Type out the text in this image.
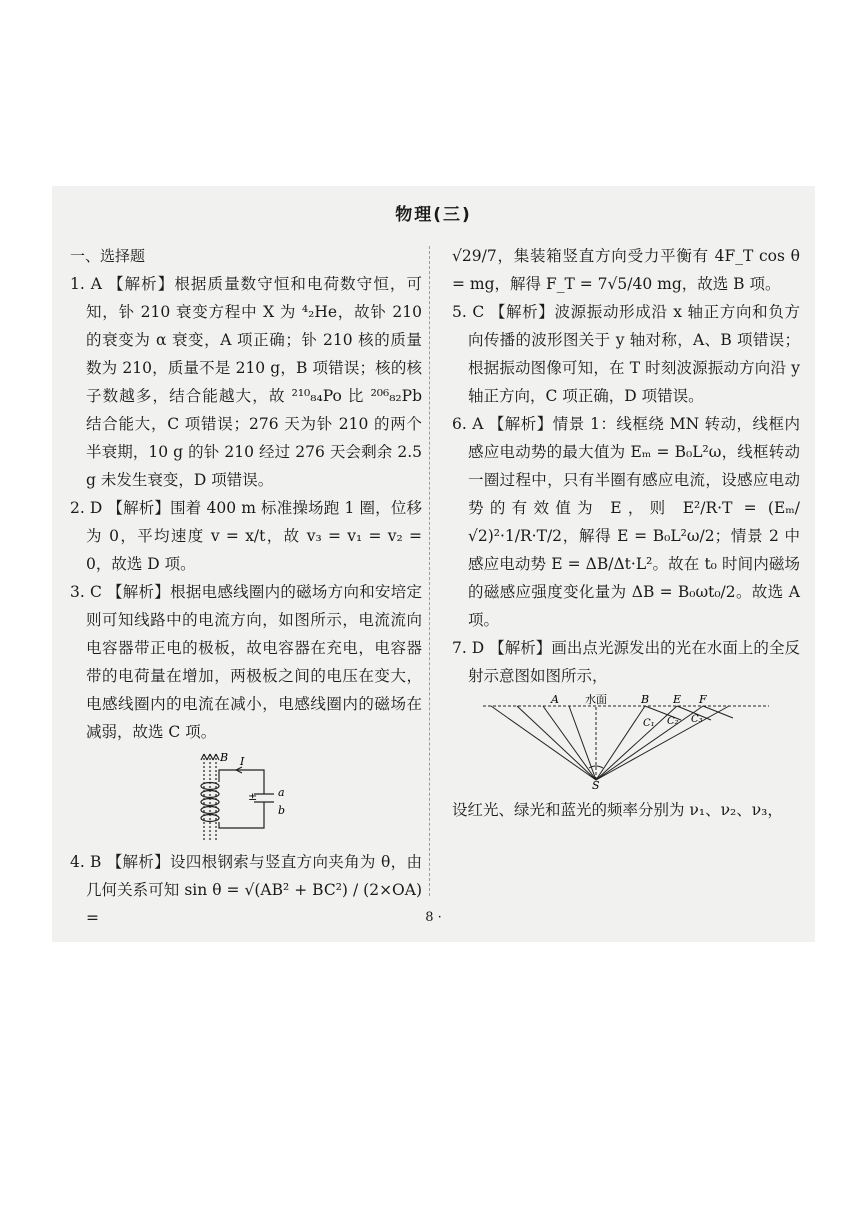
物理(三)

一、选择题

1. A 【解析】根据质量数守恒和电荷数守恒，可知，钋 210 衰变方程中 X 为 ⁴₂He，故钋 210 的衰变为 α 衰变，A 项正确；钋 210 核的质量数为 210，质量不是 210 g，B 项错误；核的核子数越多，结合能越大，故 ²¹⁰₈₄Po 比 ²⁰⁶₈₂Pb 结合能大，C 项错误；276 天为钋 210 的两个半衰期，10 g 的钋 210 经过 276 天会剩余 2.5 g 未发生衰变，D 项错误。

2. D 【解析】围着 400 m 标准操场跑 1 圈，位移为 0，平均速度 v = x/t，故 v₃ = v₁ = v₂ = 0，故选 D 项。

3. C 【解析】根据电感线圈内的磁场方向和安培定则可知线路中的电流方向，如图所示，电流流向电容器带正电的极板，故电容器在充电，电容器带的电荷量在增加，两极板之间的电压在变大，电感线圈内的电流在减小，电感线圈内的磁场在减弱，故选 C 项。

B I
± a
b

4. B 【解析】设四根钢索与竖直方向夹角为 θ，由几何关系可知 sin θ = √(AB² + BC²) / (2×OA) =

√29/7，集装箱竖直方向受力平衡有 4F_T cos θ = mg，解得 F_T = 7√5/40 mg，故选 B 项。

5. C 【解析】波源振动形成沿 x 轴正方向和负方向传播的波形图关于 y 轴对称，A、B 项错误；根据振动图像可知，在 T 时刻波源振动方向沿 y 轴正方向，C 项正确，D 项错误。

6. A 【解析】情景 1：线框绕 MN 转动，线框内感应电动势的最大值为 Eₘ = B₀L²ω，线框转动一圈过程中，只有半圈有感应电流，设感应电动势的有效值为 E，则 E²/R·T = (Eₘ/√2)²·1/R·T/2，解得 E = B₀L²ω/2；情景 2 中感应电动势 E = ΔB/Δt·L²。故在 t₀ 时间内磁场的磁感应强度变化量为 ΔB = B₀ωt₀/2。故选 A 项。

7. D 【解析】画出点光源发出的光在水面上的全反射示意图如图所示，

A 水面	B E F
C₁ C₂ C₃
S

设红光、绿光和蓝光的频率分别为 ν₁、ν₂、ν₃，

8 ·
